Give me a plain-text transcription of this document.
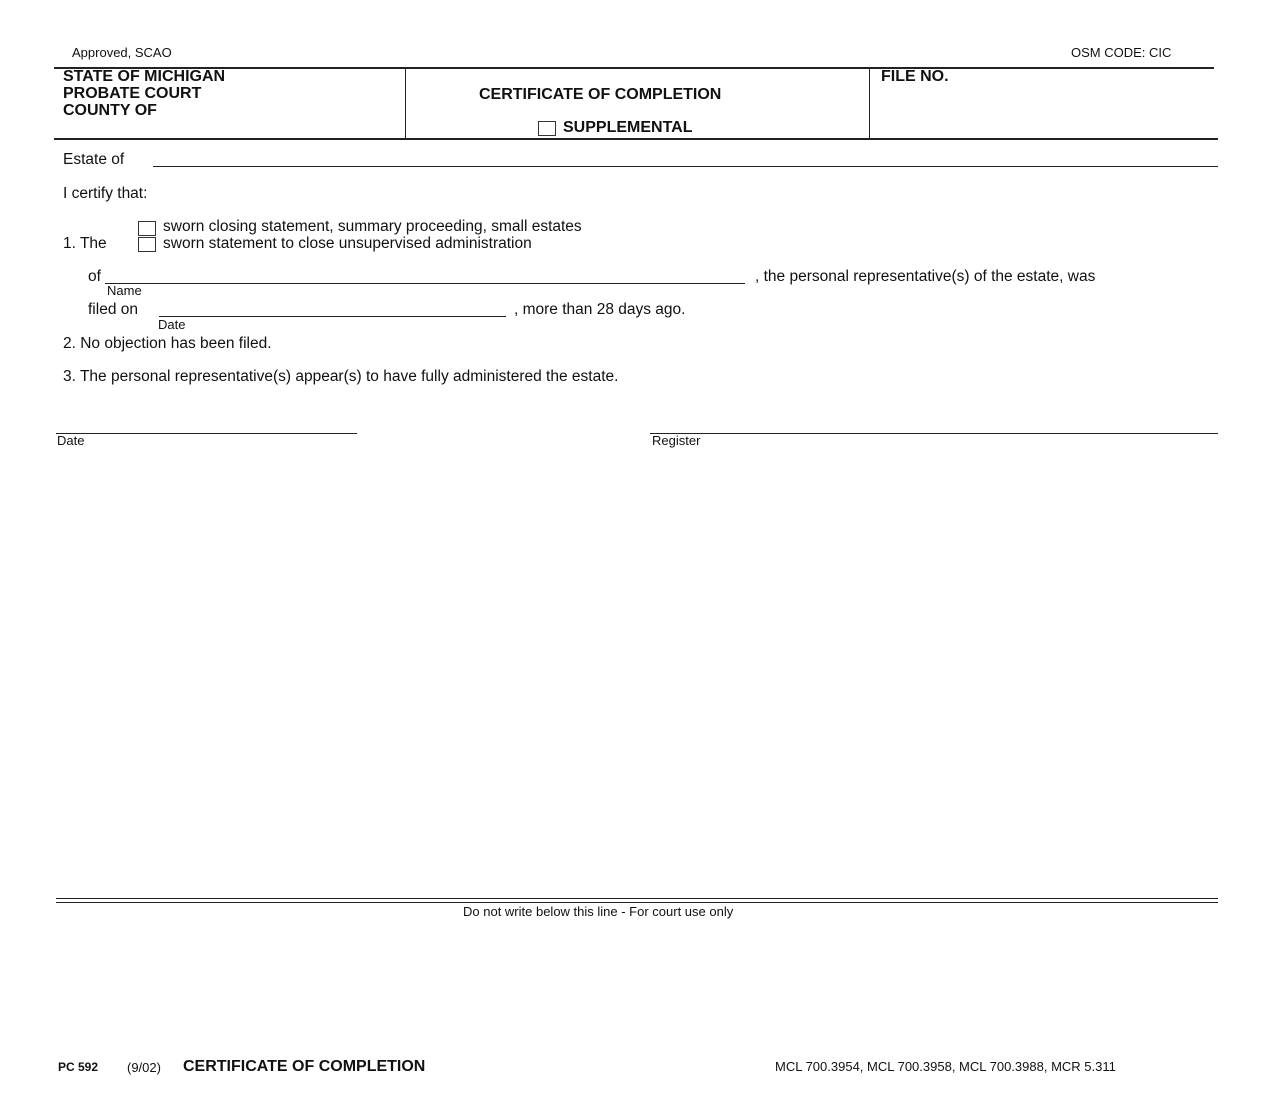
Approved, SCAO	OSM CODE: CIC
STATE OF MICHIGAN
PROBATE COURT
COUNTY OF
CERTIFICATE OF COMPLETION
SUPPLEMENTAL
FILE NO.
Estate of
I certify that:
sworn closing statement, summary proceeding, small estates
1. The	sworn statement to close unsupervised administration
of
Name
, the personal representative(s) of the estate, was
filed on
Date
, more than 28 days ago.
2. No objection has been filed.
3. The personal representative(s) appear(s) to have fully administered the estate.
Date	Register
Do not write below this line - For court use only
PC 592 (9/02) CERTIFICATE OF COMPLETION	MCL 700.3954, MCL 700.3958, MCL 700.3988, MCR 5.311
